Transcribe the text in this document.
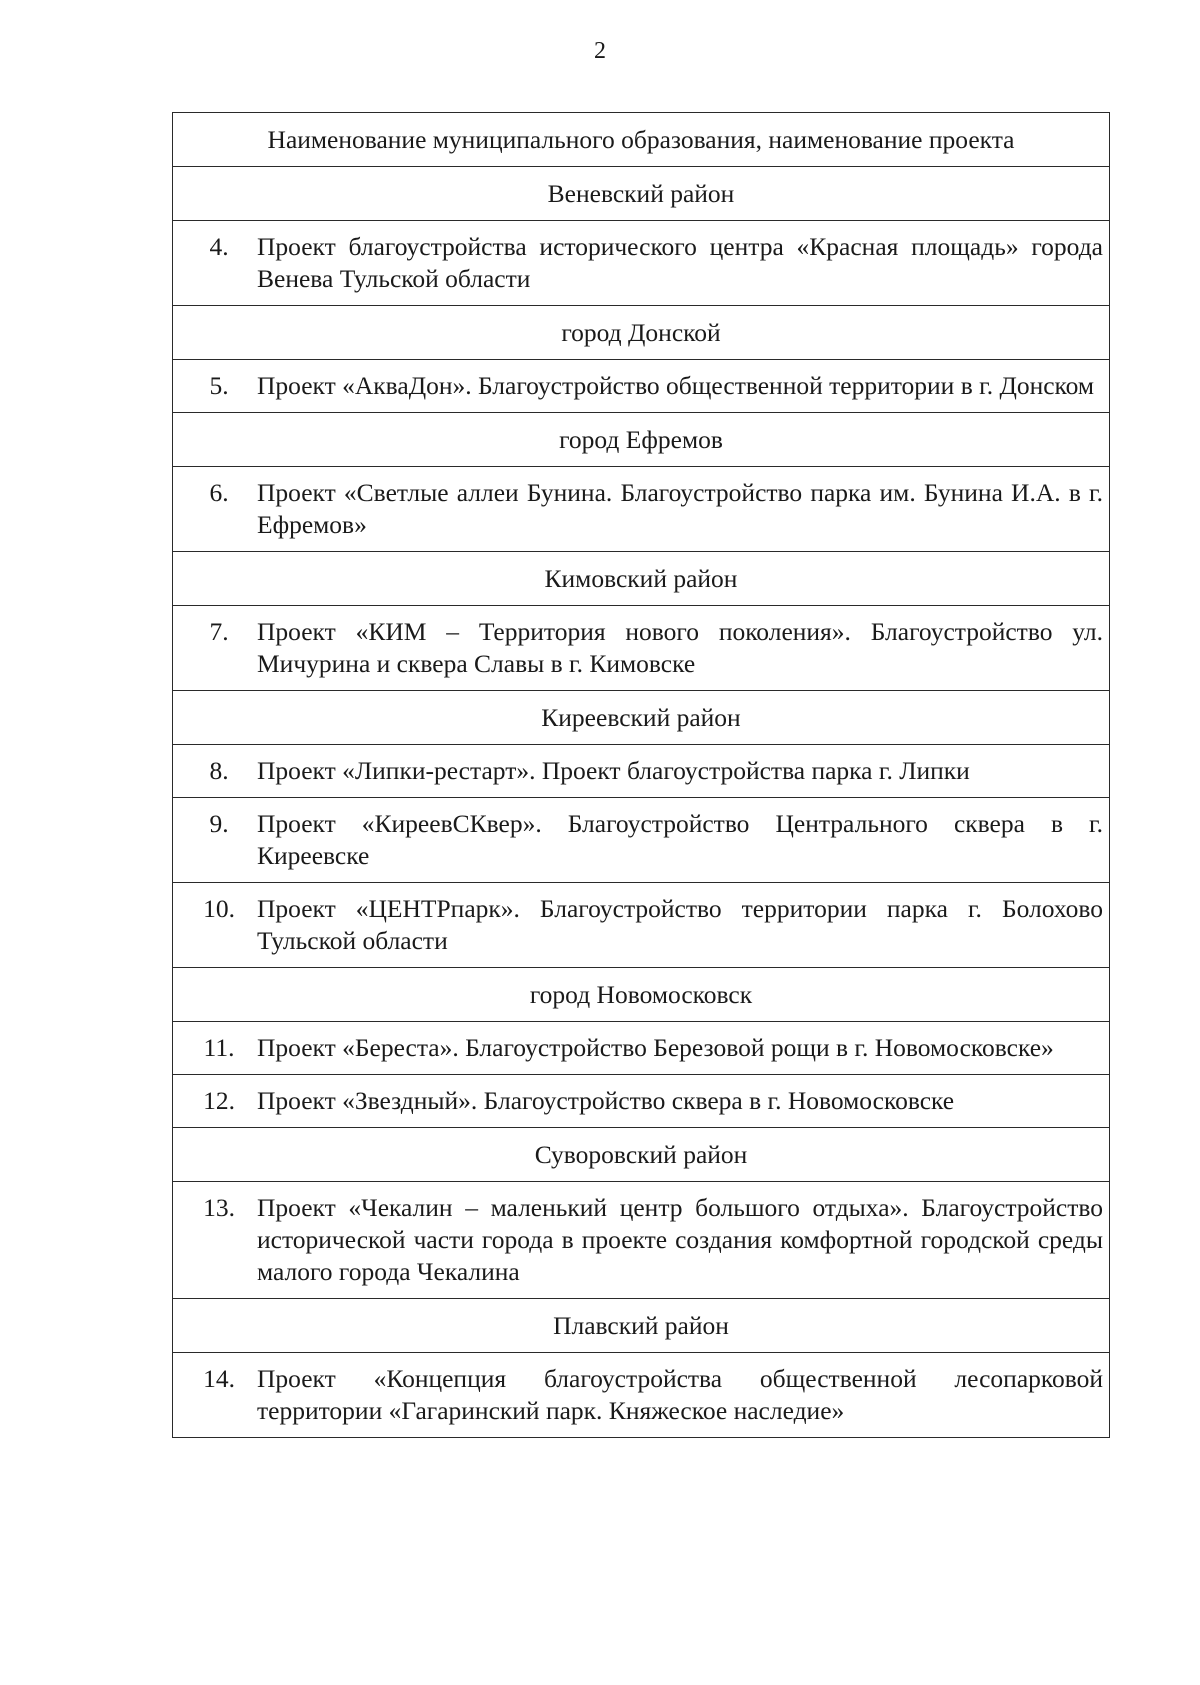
2
Наименование муниципального образования, наименование проекта
Веневский район

4.	Проект благоустройства исторического центра «Красная площадь» города Венева Тульской области

город Донской

5.	Проект «АкваДон». Благоустройство общественной территории в г. Донском

город Ефремов

6.	Проект «Светлые аллеи Бунина. Благоустройство парка им. Бунина И.А. в г. Ефремов»

Кимовский район

7.	Проект «КИМ – Территория нового поколения». Благоустройство ул. Мичурина и сквера Славы в г. Кимовске

Киреевский район

8.	Проект «Липки-рестарт». Проект благоустройства парка г. Липки

9.	Проект «КиреевСКвер». Благоустройство Центрального сквера в г. Киреевске

10. Проект «ЦЕНТРпарк». Благоустройство территории парка г. Болохово Тульской области

город Новомосковск

11. Проект «Береста». Благоустройство Березовой рощи в г. Новомосковске»

12. Проект «Звездный». Благоустройство сквера в г. Новомосковске

Суворовский район

13. Проект «Чекалин – маленький центр большого отдыха». Благоустройство исторической части города в проекте создания комфортной городской среды малого города Чекалина

Плавский район

14. Проект «Концепция благоустройства общественной лесопарковой территории «Гагаринский парк. Княжеское наследие»
